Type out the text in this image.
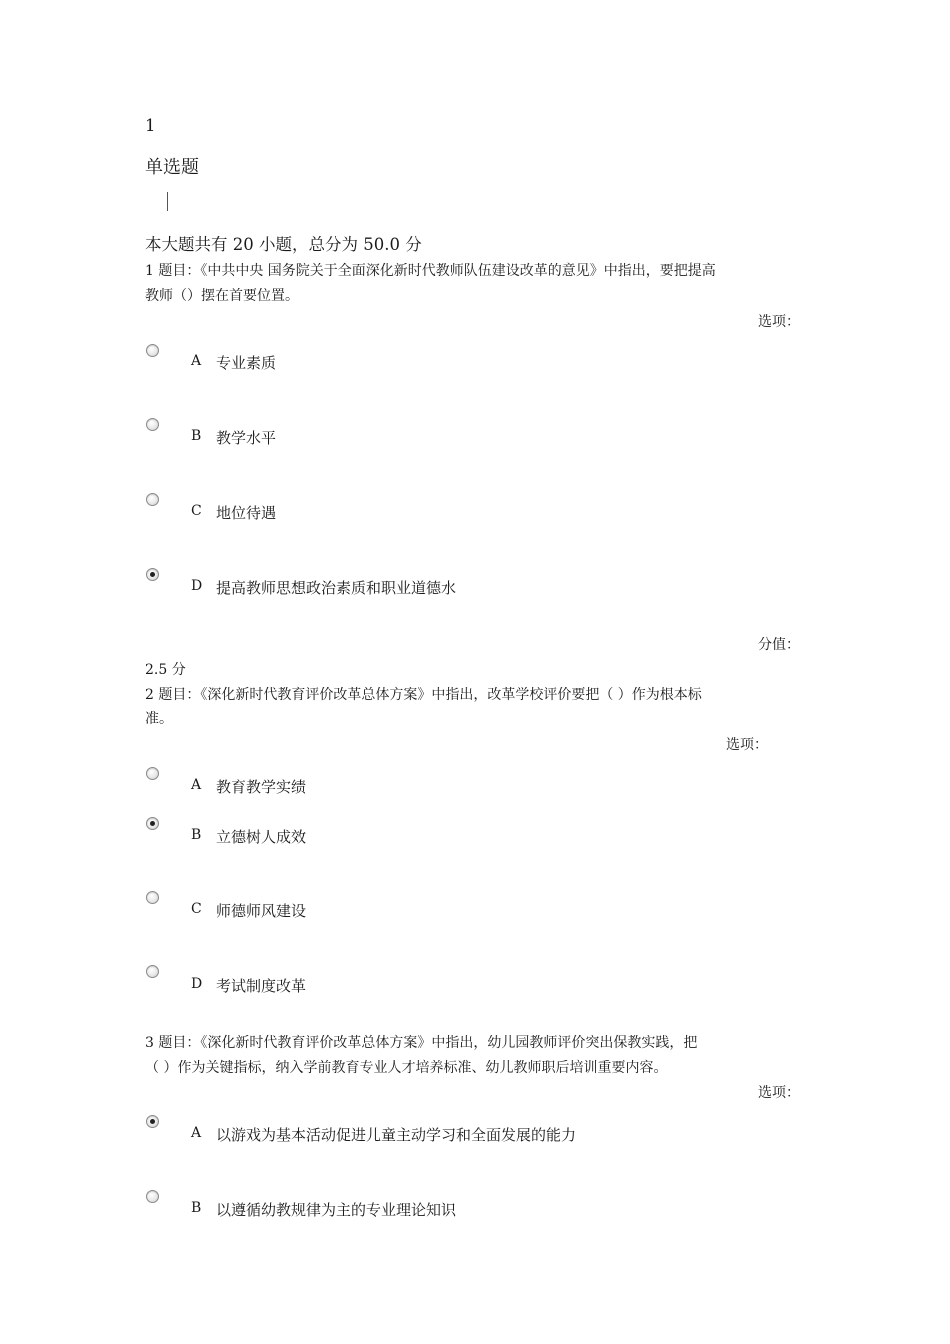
1
单选题
本大题共有 20 小题，总分为 50.0 分
1 题目：《中共中央 国务院关于全面深化新时代教师队伍建设改革的意见》中指出，要把提高
教师（）摆在首要位置。
选项：
A 专业素质
B 教学水平
C 地位待遇
D 提高教师思想政治素质和职业道德水
分值：
2.5 分
2 题目：《深化新时代教育评价改革总体方案》中指出，改革学校评价要把（ ）作为根本标
准。
选项：
A 教育教学实绩
B 立德树人成效
C 师德师风建设
D 考试制度改革
3 题目：《深化新时代教育评价改革总体方案》中指出，幼儿园教师评价突出保教实践，把
（ ）作为关键指标，纳入学前教育专业人才培养标准、幼儿教师职后培训重要内容。
选项：
A 以游戏为基本活动促进儿童主动学习和全面发展的能力
B 以遵循幼教规律为主的专业理论知识
